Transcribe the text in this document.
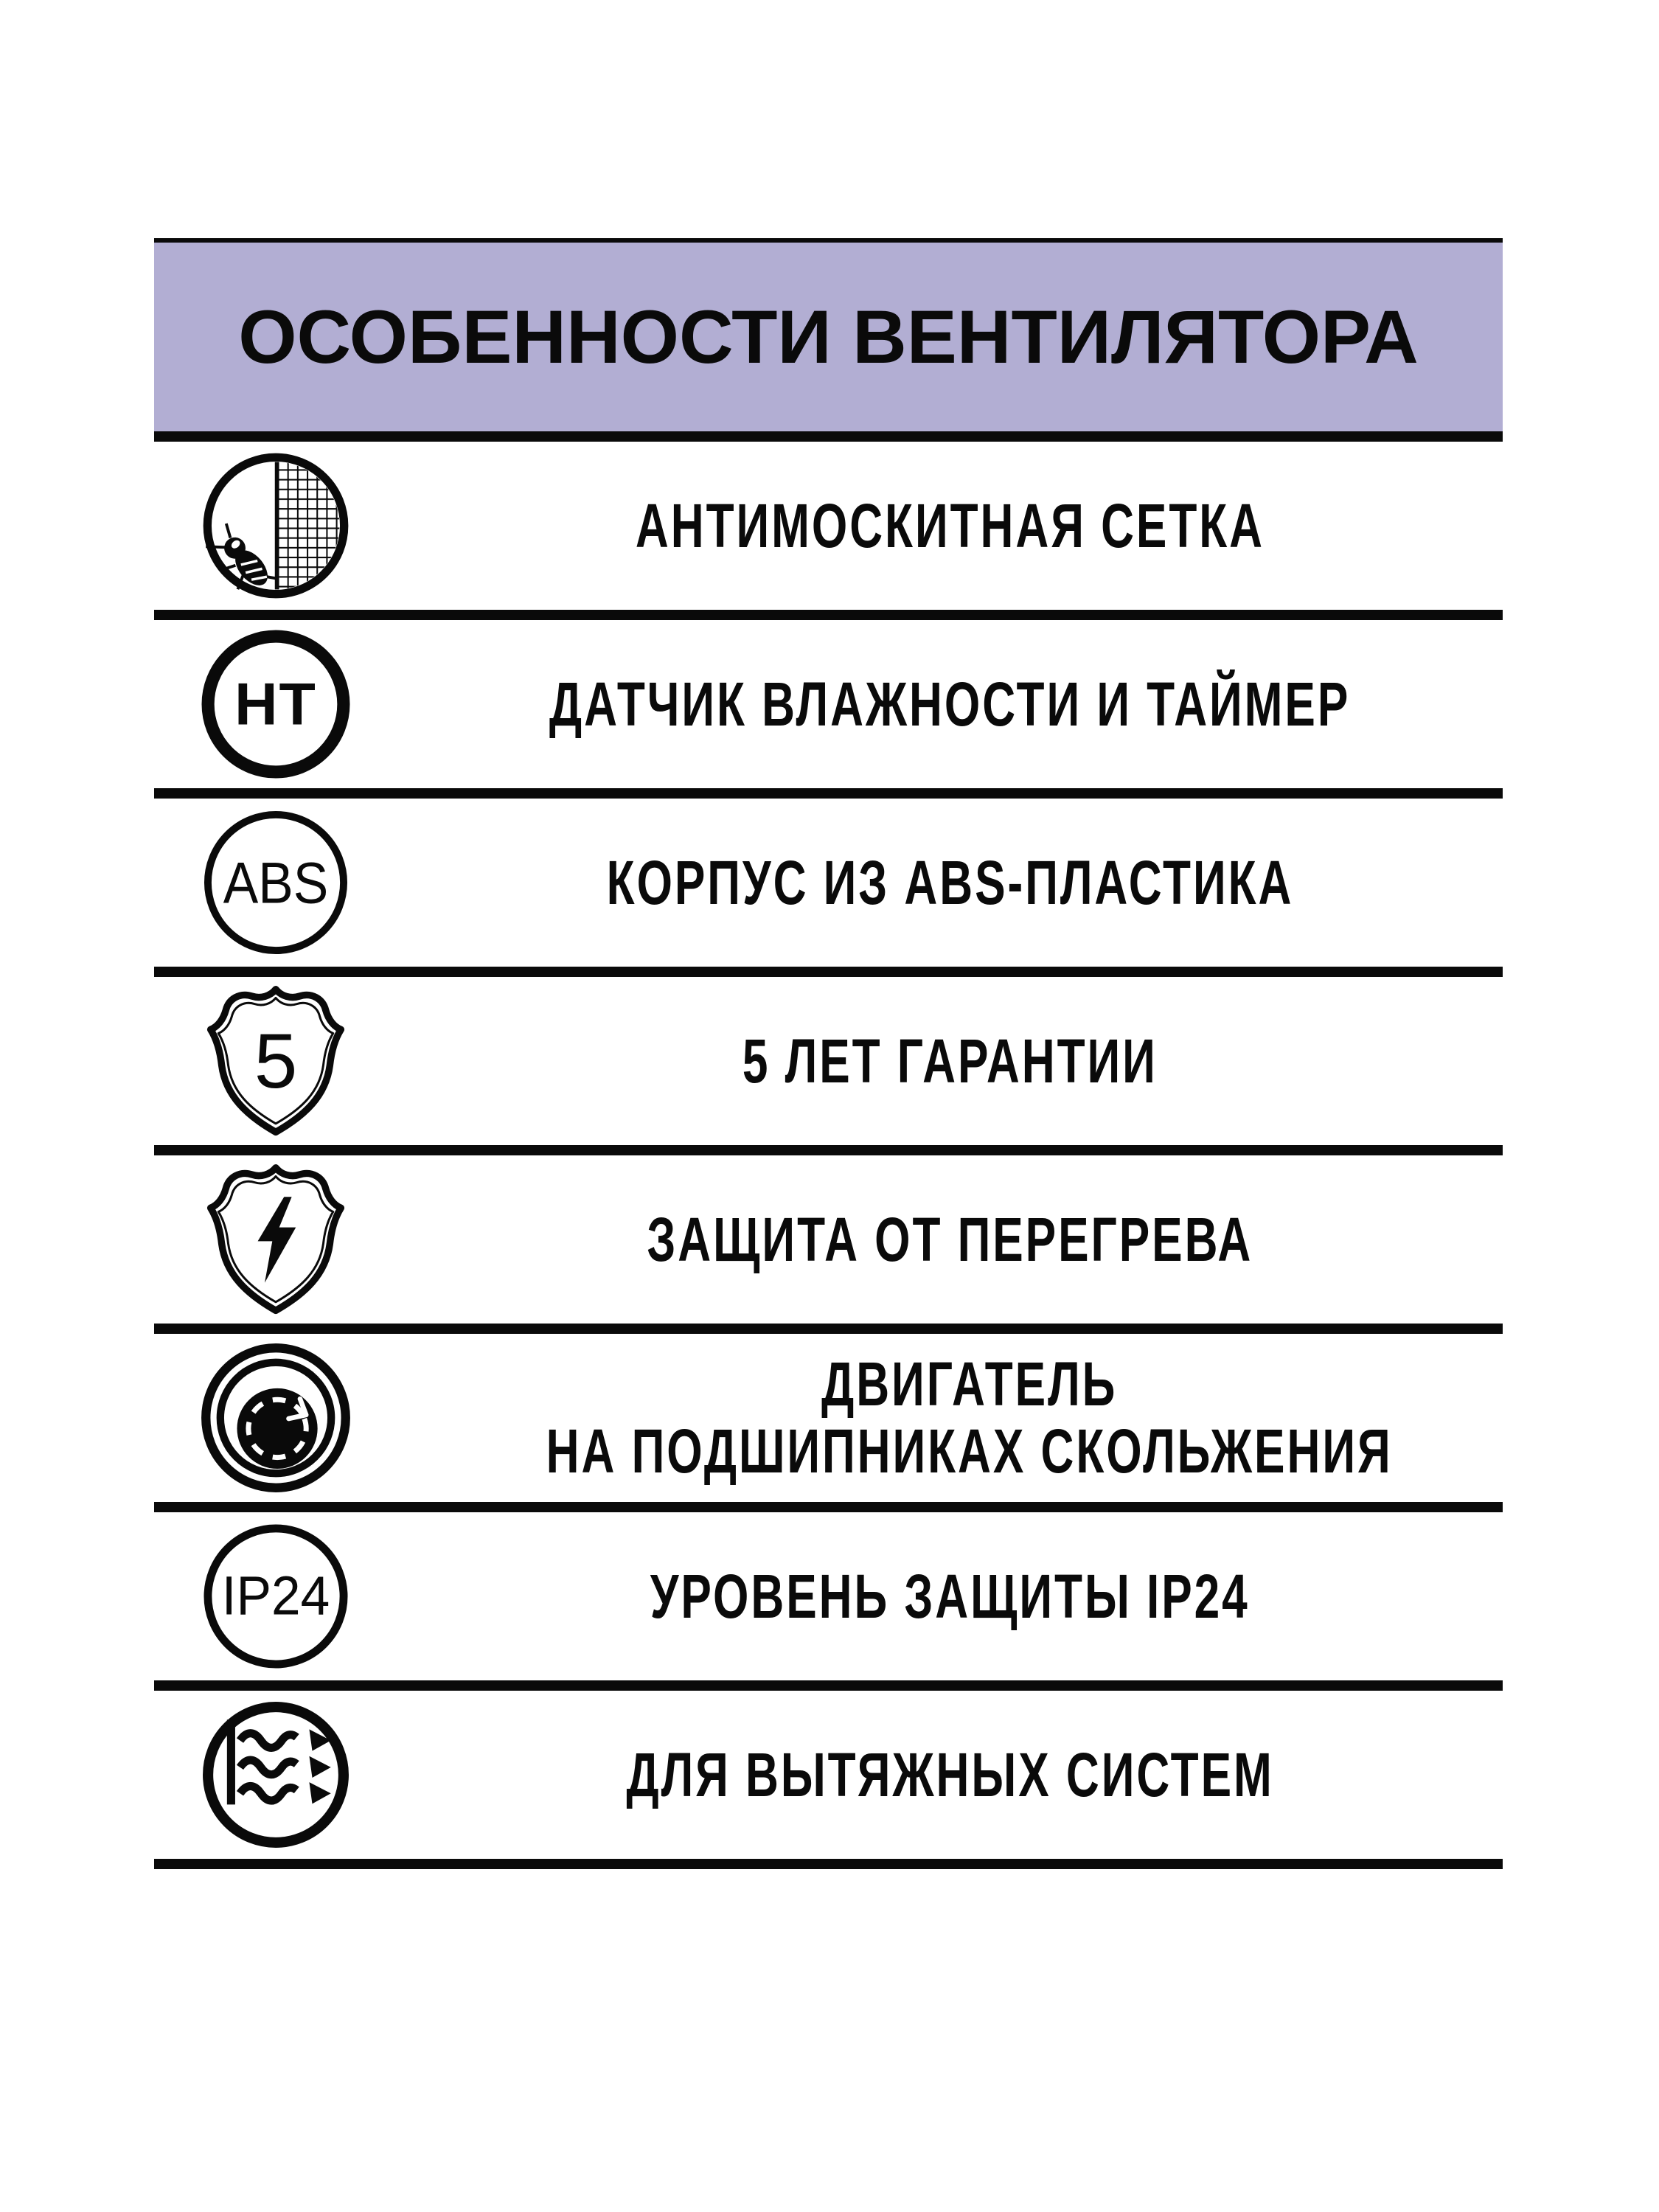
ОСОБЕННОСТИ ВЕНТИЛЯТОРА
АНТИМОСКИТНАЯ СЕТКА
HT	ДАТЧИК ВЛАЖНОСТИ И ТАЙМЕР
ABS	КОРПУС ИЗ ABS-ПЛАСТИКА
5	5 ЛЕТ ГАРАНТИИ
ЗАЩИТА ОТ ПЕРЕГРЕВА
ДВИГАТЕЛЬ
НА ПОДШИПНИКАХ СКОЛЬЖЕНИЯ
IP24	УРОВЕНЬ ЗАЩИТЫ IP24
ДЛЯ ВЫТЯЖНЫХ СИСТЕМ
